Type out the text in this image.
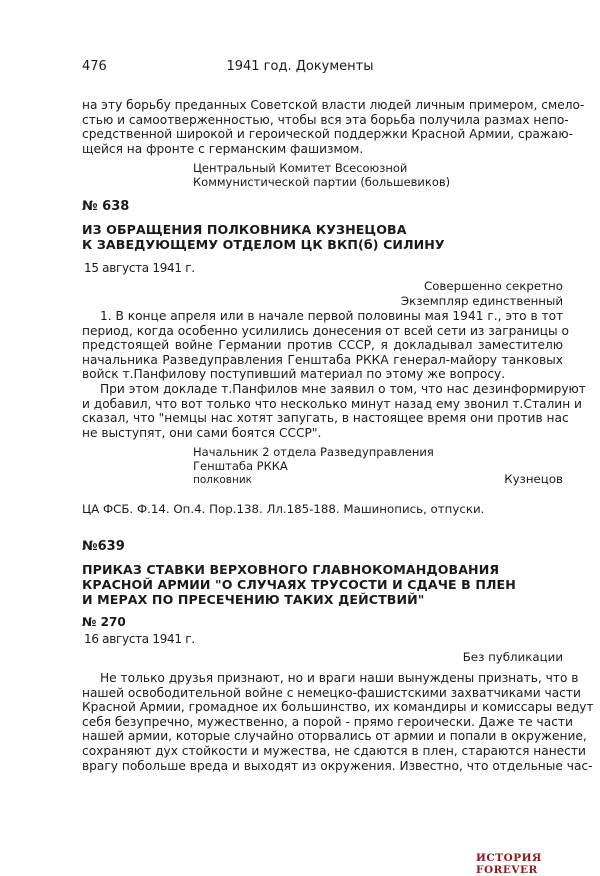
476	1941 год. Документы
на эту борьбу преданных Советской власти людей личным примером, смело-
стью и самоотверженностью, чтобы вся эта борьба получила размах непо-
средственной широкой и героической поддержки Красной Армии, сражаю-
щейся на фронте с германским фашизмом.
Центральный Комитет Всесоюзной
Коммунистической партии (большевиков)
№ 638
ИЗ ОБРАЩЕНИЯ ПОЛКОВНИКА КУЗНЕЦОВА
К ЗАВЕДУЮЩЕМУ ОТДЕЛОМ ЦК ВКП(б) СИЛИНУ
15 августа 1941 г.
Совершенно секретно
Экземпляр единственный
1. В конце апреля или в начале первой половины мая 1941 г., это в тот
период, когда особенно усилились донесения от всей сети из заграницы о
предстоящей войне Германии против СССР, я докладывал заместителю
начальника Разведуправления Генштаба РККА генерал-майору танковых
войск т.Панфилову поступивший материал по этому же вопросу.
При этом докладе т.Панфилов мне заявил о том, что нас дезинформируют
и добавил, что вот только что несколько минут назад ему звонил т.Сталин и
сказал, что "немцы нас хотят запугать, в настоящее время они против нас
не выступят, они сами боятся СССР".
Начальник 2 отдела Разведуправления
Генштаба РККА
полковник	Кузнецов
ЦА ФСБ. Ф.14. Оп.4. Пор.138. Лл.185-188. Машинопись, отпуски.
№639
ПРИКАЗ СТАВКИ ВЕРХОВНОГО ГЛАВНОКОМАНДОВАНИЯ
КРАСНОЙ АРМИИ "О СЛУЧАЯХ ТРУСОСТИ И СДАЧЕ В ПЛЕН
И МЕРАХ ПО ПРЕСЕЧЕНИЮ ТАКИХ ДЕЙСТВИЙ"
№ 270
16 августа 1941 г.
Без публикации
Не только друзья признают, но и враги наши вынуждены признать, что в
нашей освободительной войне с немецко-фашистскими захватчиками части
Красной Армии, громадное их большинство, их командиры и комиссары ведут
себя безупречно, мужественно, а порой - прямо героически. Даже те части
нашей армии, которые случайно оторвались от армии и попали в окружение,
сохраняют дух стойкости и мужества, не сдаются в плен, стараются нанести
врагу побольше вреда и выходят из окружения. Известно, что отдельные час-
ИСТОРИЯ FOREVER
